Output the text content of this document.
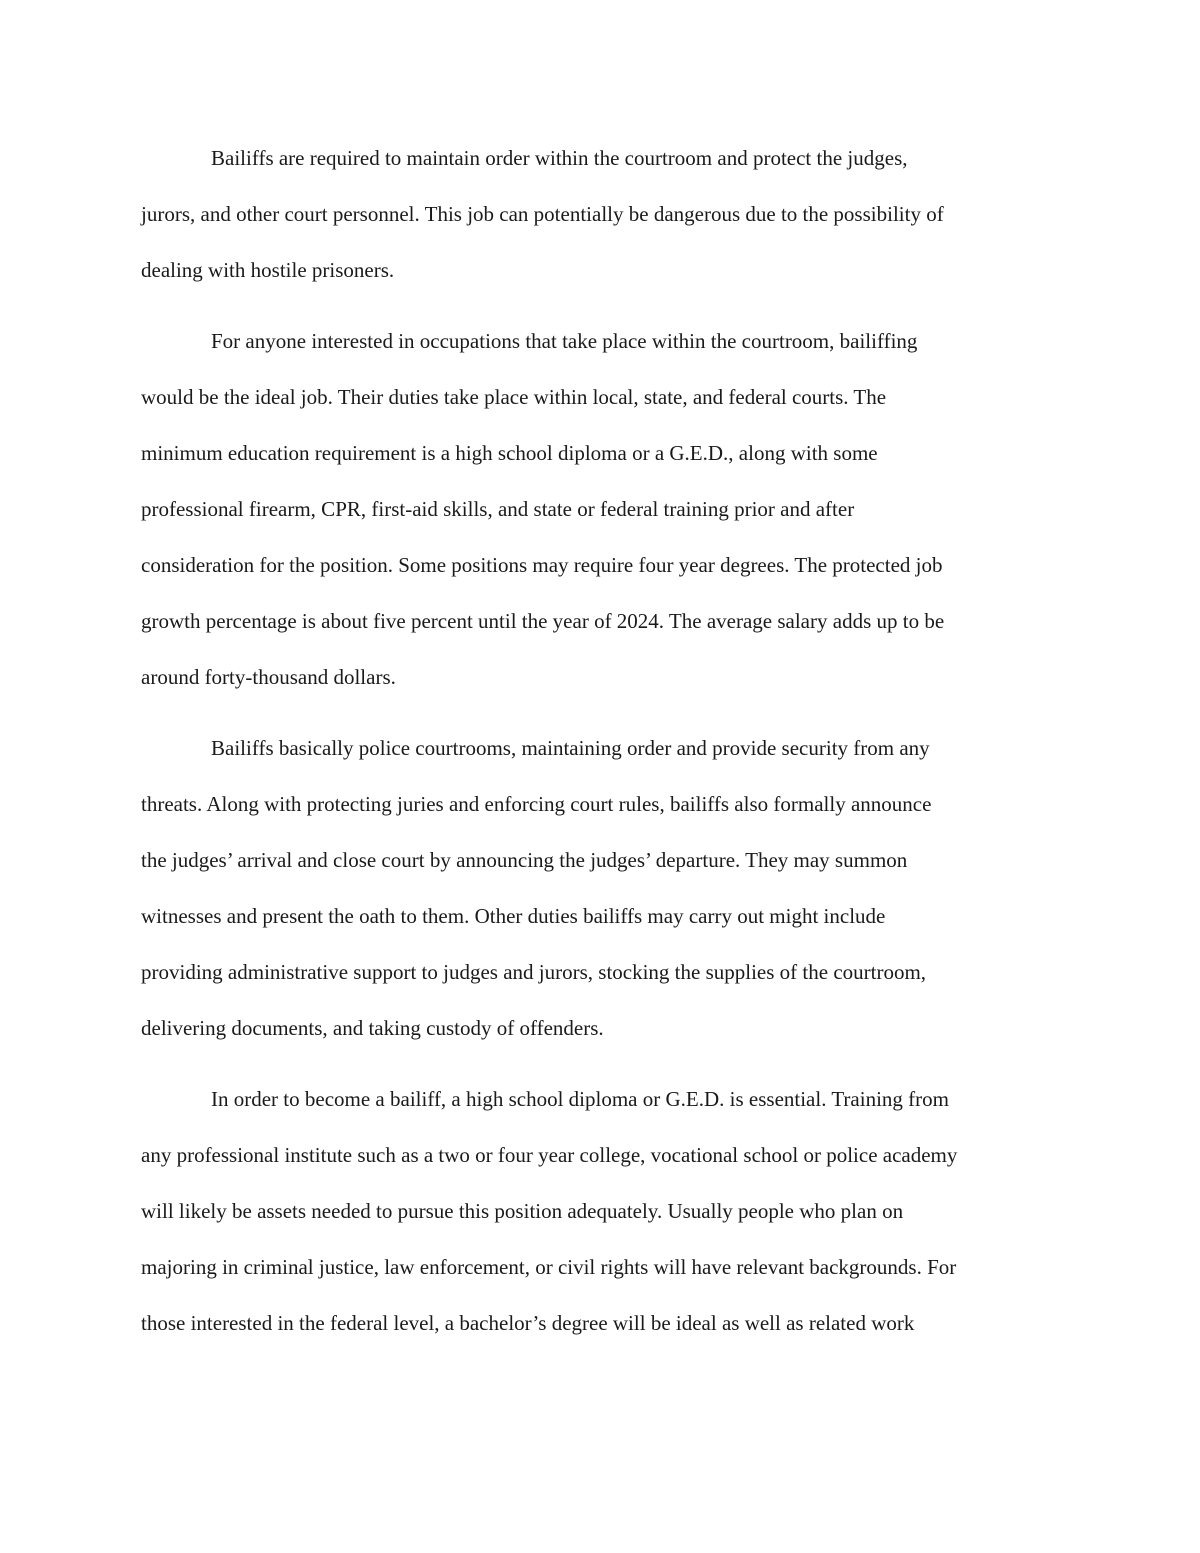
Bailiffs are required to maintain order within the courtroom and protect the judges,
jurors, and other court personnel. This job can potentially be dangerous due to the possibility of
dealing with hostile prisoners.
For anyone interested in occupations that take place within the courtroom, bailiffing
would be the ideal job. Their duties take place within local, state, and federal courts. The
minimum education requirement is a high school diploma or a G.E.D., along with some
professional firearm, CPR, first-aid skills, and state or federal training prior and after
consideration for the position. Some positions may require four year degrees. The protected job
growth percentage is about five percent until the year of 2024. The average salary adds up to be
around forty-thousand dollars.
Bailiffs basically police courtrooms, maintaining order and provide security from any
threats. Along with protecting juries and enforcing court rules, bailiffs also formally announce
the judges’ arrival and close court by announcing the judges’ departure. They may summon
witnesses and present the oath to them. Other duties bailiffs may carry out might include
providing administrative support to judges and jurors, stocking the supplies of the courtroom,
delivering documents, and taking custody of offenders.
In order to become a bailiff, a high school diploma or G.E.D. is essential. Training from
any professional institute such as a two or four year college, vocational school or police academy
will likely be assets needed to pursue this position adequately. Usually people who plan on
majoring in criminal justice, law enforcement, or civil rights will have relevant backgrounds. For
those interested in the federal level, a bachelor’s degree will be ideal as well as related work
